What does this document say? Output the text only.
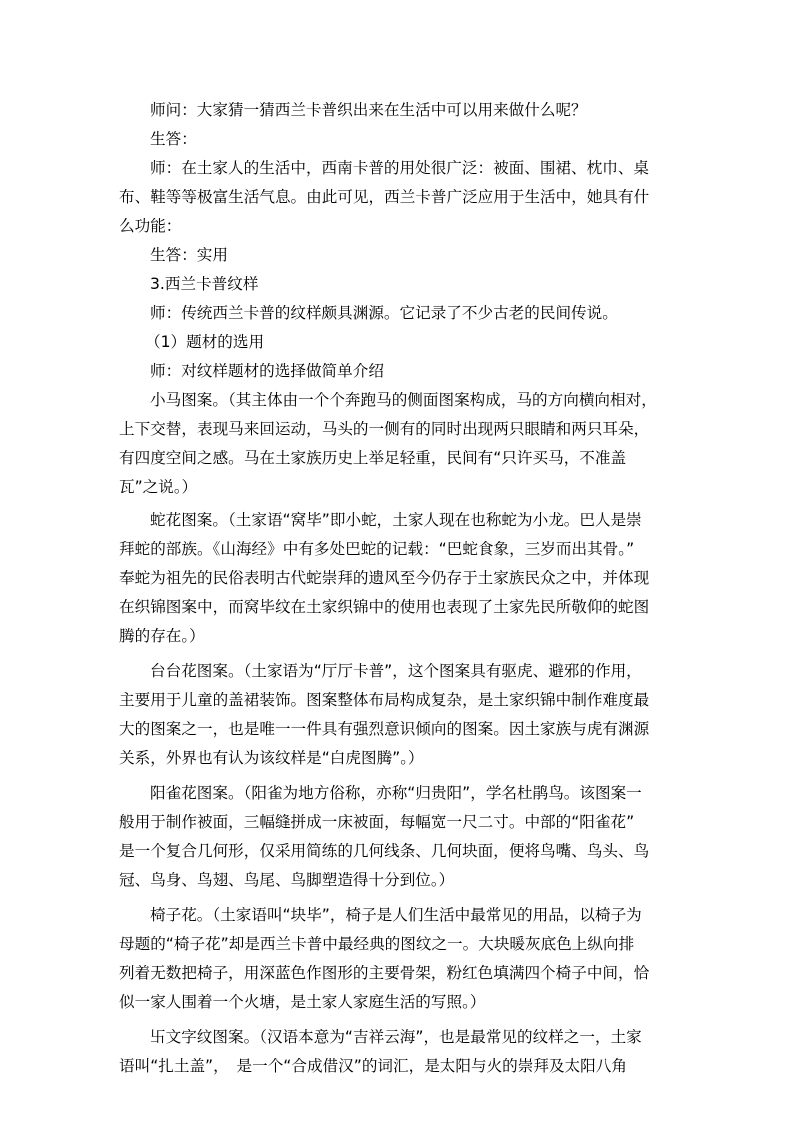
师问：大家猜一猜西兰卡普织出来在生活中可以用来做什么呢？
生答：
师：在土家人的生活中，西南卡普的用处很广泛：被面、围裙、枕巾、桌
布、鞋等等极富生活气息。由此可见，西兰卡普广泛应用于生活中，她具有什
么功能：
生答：实用
3.西兰卡普纹样
师：传统西兰卡普的纹样颇具渊源。它记录了不少古老的民间传说。
（1）题材的选用
师：对纹样题材的选择做简单介绍
小马图案。（其主体由一个个奔跑马的侧面图案构成，马的方向横向相对，
上下交替，表现马来回运动，马头的一侧有的同时出现两只眼睛和两只耳朵，
有四度空间之感。马在土家族历史上举足轻重，民间有“只许买马，不准盖
瓦”之说。）
蛇花图案。（土家语“窝毕”即小蛇，土家人现在也称蛇为小龙。巴人是崇
拜蛇的部族。《山海经》中有多处巴蛇的记载：“巴蛇食象，三岁而出其骨。”
奉蛇为祖先的民俗表明古代蛇崇拜的遗风至今仍存于土家族民众之中，并体现
在织锦图案中，而窝毕纹在土家织锦中的使用也表现了土家先民所敬仰的蛇图
腾的存在。）
台台花图案。（土家语为“厅厅卡普”，这个图案具有驱虎、避邪的作用，
主要用于儿童的盖裙装饰。图案整体布局构成复杂，是土家织锦中制作难度最
大的图案之一，也是唯一一件具有强烈意识倾向的图案。因土家族与虎有渊源
关系，外界也有认为该纹样是“白虎图腾”。）
阳雀花图案。（阳雀为地方俗称，亦称“归贵阳”，学名杜鹃鸟。该图案一
般用于制作被面，三幅缝拼成一床被面，每幅宽一尺二寸。中部的“阳雀花”
是一个复合几何形，仅采用简练的几何线条、几何块面，便将鸟嘴、鸟头、鸟
冠、鸟身、鸟翅、鸟尾、鸟脚塑造得十分到位。）
椅子花。（土家语叫“块毕”，椅子是人们生活中最常见的用品，以椅子为
母题的“椅子花”却是西兰卡普中最经典的图纹之一。大块暖灰底色上纵向排
列着无数把椅子，用深蓝色作图形的主要骨架，粉红色填满四个椅子中间，恰
似一家人围着一个火塘，是土家人家庭生活的写照。）
卐文字纹图案。（汉语本意为“吉祥云海”，也是最常见的纹样之一，土家
语叫“扎土盖”，　是一个“合成借汉”的词汇，是太阳与火的崇拜及太阳八角
